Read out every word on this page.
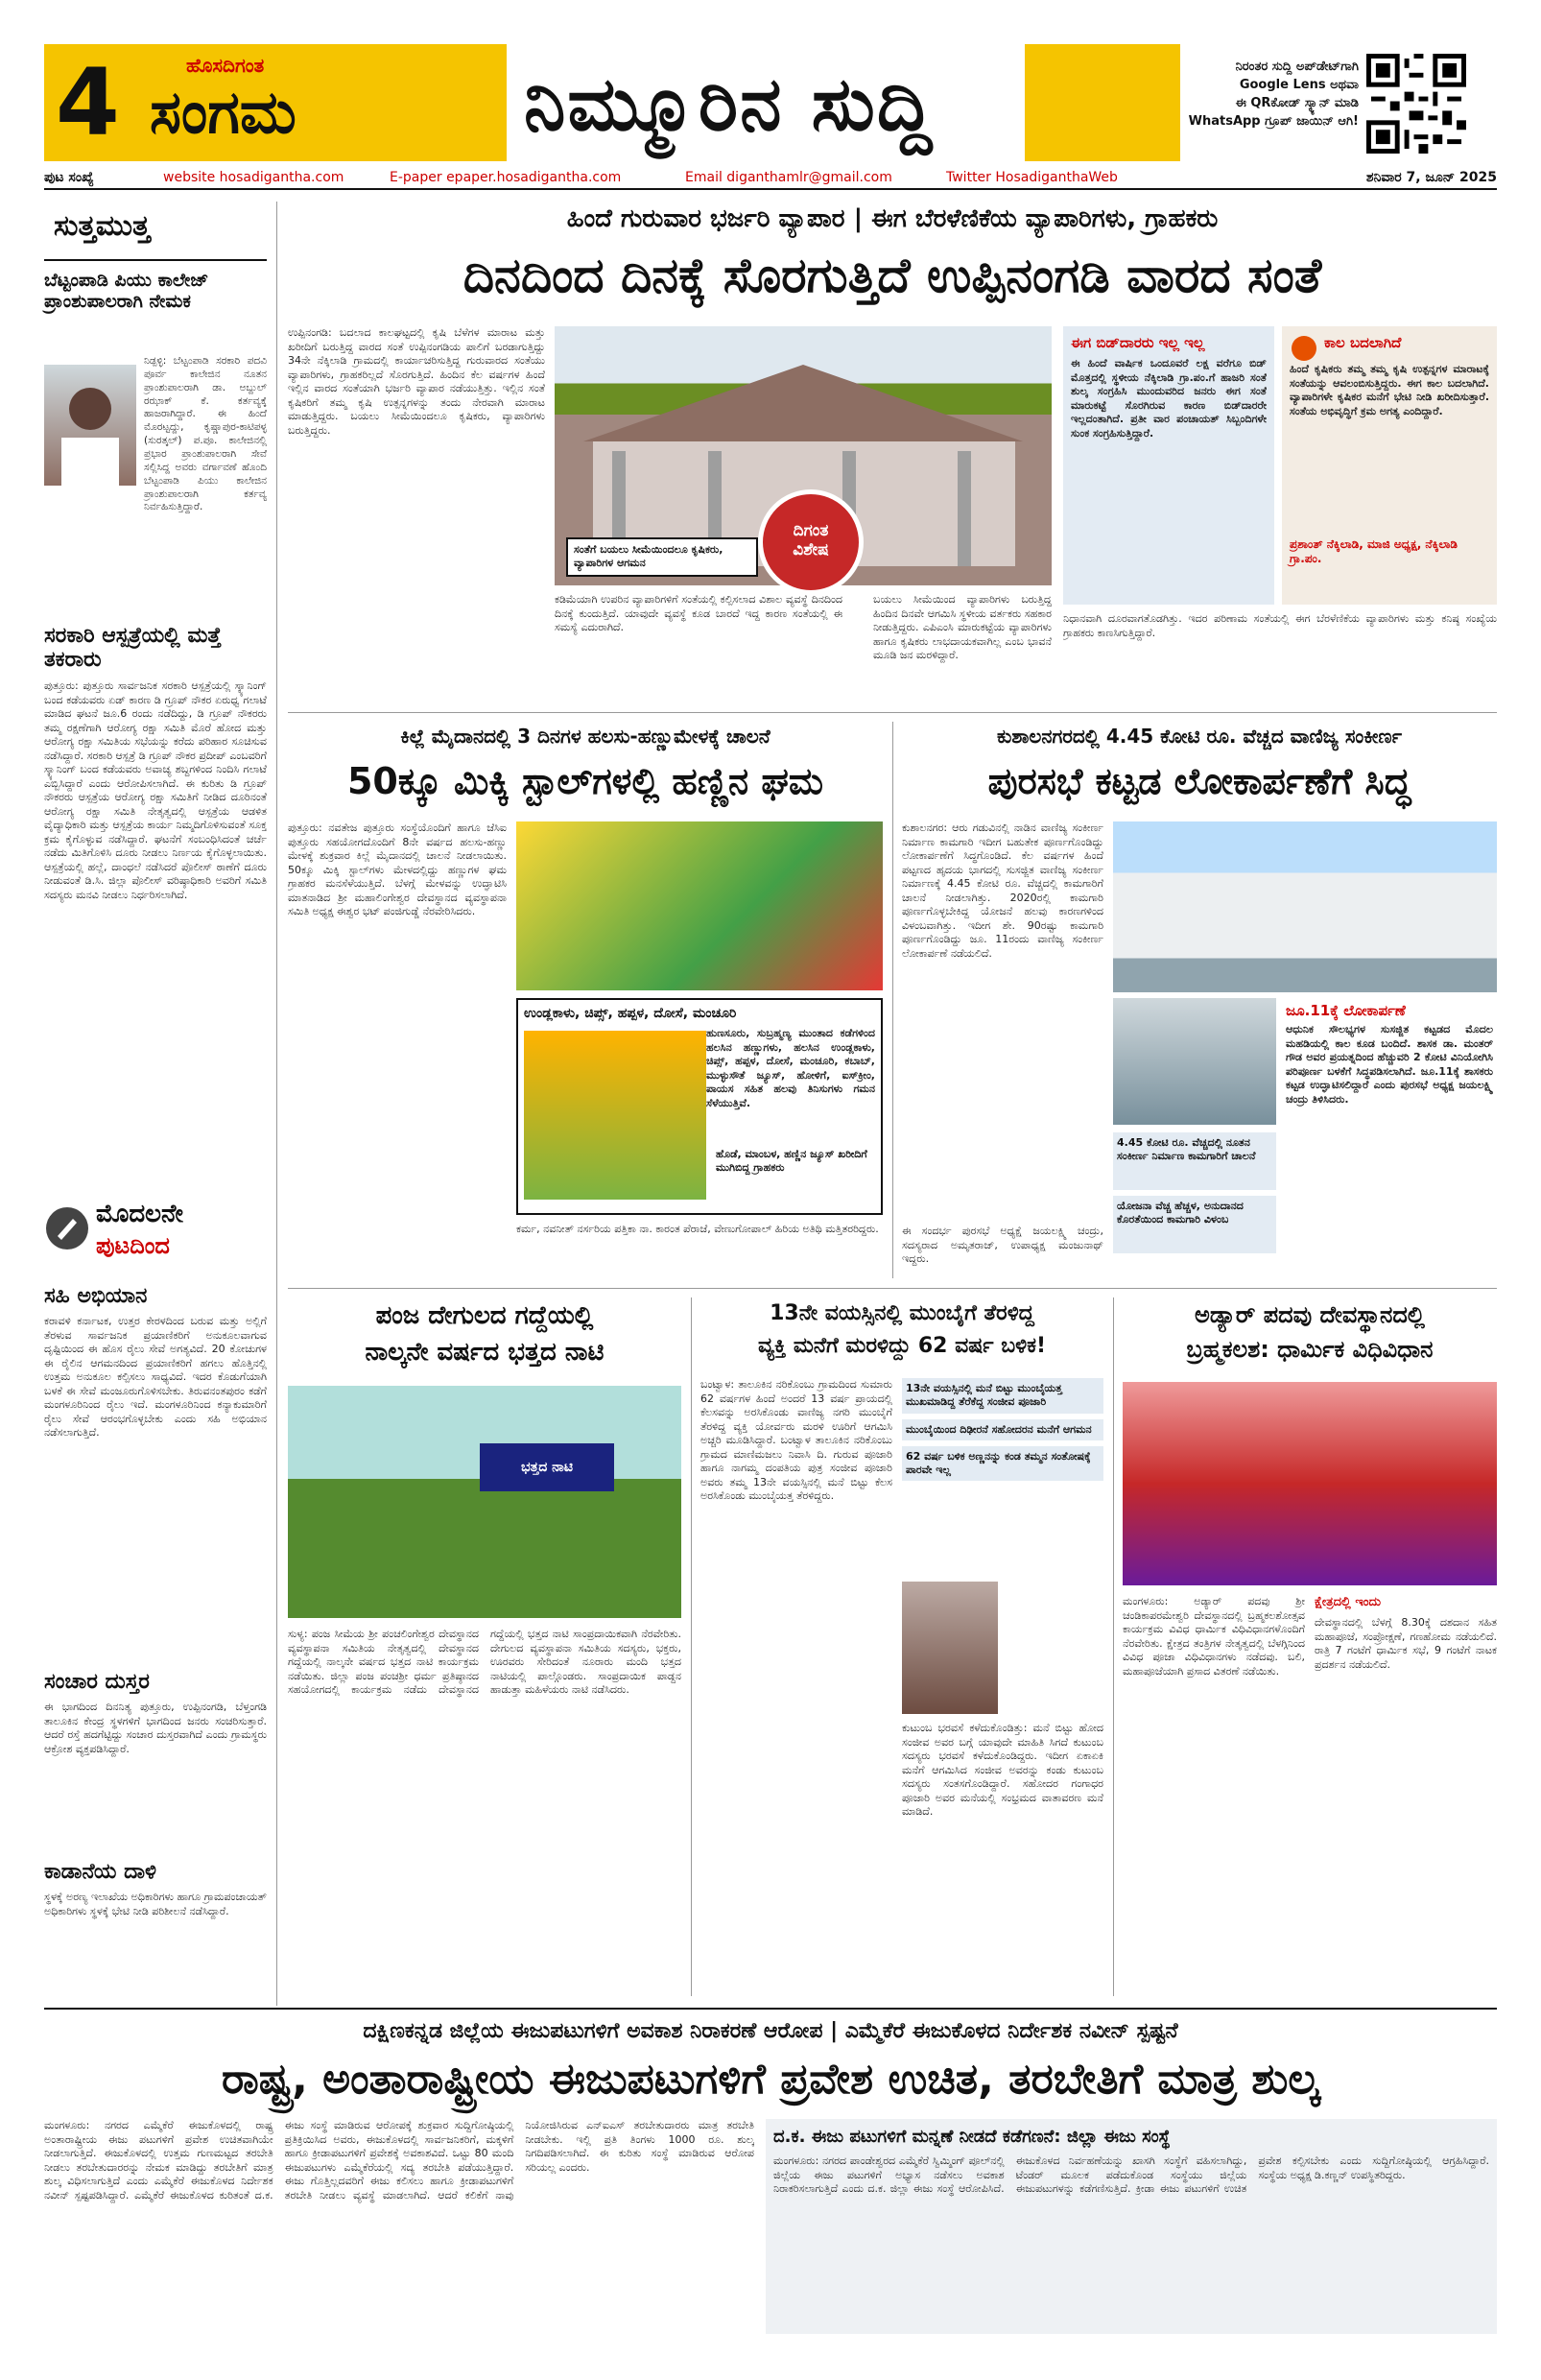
4	ಹೊಸದಿಗಂತ
ಸಂಗಮ	ನಿಮ್ಮೂರಿನ ಸುದ್ದಿ	ನಿರಂತರ ಸುದ್ದಿ ಅಪ್‌ಡೇಟ್‌ಗಾಗಿ
Google Lens ಅಥವಾ
ಈ QRಕೋಡ್ ಸ್ಕ್ಯಾನ್ ಮಾಡಿ
WhatsApp ಗ್ರೂಪ್ ಜಾಯಿನ್ ಆಗಿ!
ಪುಟ ಸಂಖ್ಯೆ	website hosadigantha.com	E-paper epaper.hosadigantha.com	Email diganthamlr@gmail.com	Twitter HosadiganthaWeb	ಶನಿವಾರ 7, ಜೂನ್ 2025
ಸುತ್ತಮುತ್ತ
ಬೆಟ್ಟಂಪಾಡಿ ಪಿಯು ಕಾಲೇಜ್ ಪ್ರಾಂಶುಪಾಲರಾಗಿ ನೇಮಕ
ನಿಡ್ಪಳ್ಳಿ: ಬೆಟ್ಟಂಪಾಡಿ ಸರಕಾರಿ ಪದವಿ ಪೂರ್ವ ಕಾಲೇಜಿನ ನೂತನ ಪ್ರಾಂಶುಪಾಲರಾಗಿ ಡಾ. ಅಬ್ದುಲ್ ರಝಾಕ್ ಕೆ. ಕರ್ತವ್ಯಕ್ಕೆ ಹಾಜರಾಗಿದ್ದಾರೆ. ಈ ಹಿಂದೆ ಮೊರಟ್ಟದ್ದು, ಕೃಷ್ಣಾಪುರ-ಕಾಟಿಪಳ್ಳ (ಸುರತ್ಕಲ್) ಪ.ಪೂ. ಕಾಲೇಜಿನಲ್ಲಿ ಪ್ರಭಾರ ಪ್ರಾಂಶುಪಾಲರಾಗಿ ಸೇವೆ ಸಲ್ಲಿಸಿದ್ದ ಅವರು ವರ್ಗಾವಣೆ ಹೊಂದಿ ಬೆಟ್ಟಂಪಾಡಿ ಪಿಯು ಕಾಲೇಜಿನ ಪ್ರಾಂಶುಪಾಲರಾಗಿ ಕರ್ತವ್ಯ ನಿರ್ವಹಿಸುತ್ತಿದ್ದಾರೆ.
ಸರಕಾರಿ ಆಸ್ಪತ್ರೆಯಲ್ಲಿ ಮತ್ತೆ ತಕರಾರು
ಪುತ್ತೂರು: ಪುತ್ತೂರು ಸಾರ್ವಜನಿಕ ಸರಕಾರಿ ಆಸ್ಪತ್ರೆಯಲ್ಲಿ ಸ್ಕ್ಯಾನಿಂಗ್ ಬಂದ ಕಡೆಯವರು ಏಡ್ ಕಾರಣ ಡಿ ಗ್ರೂಪ್ ನೌಕರ ಏರುಧ್ವ ಗಲಾಟೆ ಮಾಡಿದ ಘಟನೆ ಜೂ.6 ರಂದು ನಡೆದಿದ್ದು, ಡಿ ಗ್ರೂಪ್ ನೌಕರರು ತಮ್ಮ ರಕ್ಷಣೆಗಾಗಿ ಆರೋಗ್ಯ ರಕ್ಷಾ ಸಮಿತಿ ಮೊರೆ ಹೋದ ಮತ್ತು ಆರೋಗ್ಯ ರಕ್ಷಾ ಸಮಿತಿಯ ಸಭೆಯನ್ನು ಕರೆದು ಪರಿಹಾರ ಸೂಚಿಸುವ ನಡೆಸಿದ್ದಾರೆ. ಸರಕಾರಿ ಆಸ್ಪತ್ರೆ ಡಿ ಗ್ರೂಪ್ ನೌಕರ ಪ್ರದೀಪ್ ಎಂಬವರಿಗೆ ಸ್ಕ್ಯಾನಿಂಗ್ ಬಂದ ಕಡೆಯವರು ಅವಾಚ್ಯ ಶಬ್ದಗಳಿಂದ ನಿಂದಿಸಿ ಗಲಾಟೆ ಎಬ್ಬಿಸಿದ್ದಾರೆ ಎಂದು ಆರೋಪಿಸಲಾಗಿದೆ. ಈ ಕುರಿತು ಡಿ ಗ್ರೂಪ್ ನೌಕರರು ಆಸ್ಪತ್ರೆಯ ಆರೋಗ್ಯ ರಕ್ಷಾ ಸಮಿತಿಗೆ ನೀಡಿದ ದೂರಿನಂತೆ ಆರೋಗ್ಯ ರಕ್ಷಾ ಸಮಿತಿ ನೇತೃತ್ವದಲ್ಲಿ ಆಸ್ಪತ್ರೆಯ ಆಡಳಿತ ವೈದ್ಯಾಧಿಕಾರಿ ಮತ್ತು ಆಸ್ಪತ್ರೆಯ ಕಾರ್ಯ ನಿಮ್ಮದಿಗೊಳಿಸುವಂತೆ ಸೂಕ್ತ ಕ್ರಮ ಕೈಗೊಳ್ಳುವ ನಡೆಸಿದ್ದಾರೆ. ಘಟನೆಗೆ ಸಂಬಂಧಿಸಿದಂತೆ ಚರ್ಚೆ ನಡೆದು ಮಿತಿಗೊಳಿಸಿ ದೂರು ನೀಡಲು ನಿರ್ಣಯ ಕೈಗೊಳ್ಳಲಾಯಿತು. ಆಸ್ಪತ್ರೆಯಲ್ಲಿ ಹಲ್ಲೆ, ದಾಂಧಲೆ ನಡೆಸಿದರೆ ಪೊಲೀಸ್ ಠಾಣೆಗೆ ದೂರು ನೀಡುವಂತೆ ಡಿ.ಸಿ. ಜಿಲ್ಲಾ ಪೊಲೀಸ್ ವರಿಷ್ಠಾಧಿಕಾರಿ ಅವರಿಗೆ ಸಮಿತಿ ಸದಸ್ಯರು ಮನವಿ ನೀಡಲು ನಿರ್ಧರಿಸಲಾಗಿದೆ.
ಮೊದಲನೇ
ಪುಟದಿಂದ
ಸಹಿ ಅಭಿಯಾನ
ಕರಾವಳಿ ಕರ್ನಾಟಕ, ಉತ್ತರ ಕೇರಳದಿಂದ ಬರುವ ಮತ್ತು ಅಲ್ಲಿಗೆ ತೆರಳುವ ಸಾರ್ವಜನಿಕ ಪ್ರಯಾಣಿಕರಿಗೆ ಅನುಕೂಲವಾಗುವ ದೃಷ್ಟಿಯಿಂದ ಈ ಹೊಸ ರೈಲು ಸೇವೆ ಅಗತ್ಯವಿದೆ. 20 ಕೋಚುಗಳ ಈ ರೈಲಿನ ಆಗಮನದಿಂದ ಪ್ರಯಾಣಿಕರಿಗೆ ಹಗಲು ಹೊತ್ತಿನಲ್ಲಿ ಉತ್ತಮ ಅನುಕೂಲ ಕಲ್ಪಿಸಲು ಸಾಧ್ಯವಿದೆ. ಇದರ ಕೊಡುಗೆಯಾಗಿ ಬಳಕೆ ಈ ಸೇವೆ ಮಂಜೂರುಗೊಳಿಸಬೇಕು. ತಿರುವನಂತಪುರಂ ಕಡೆಗೆ ಮಂಗಳೂರಿನಿಂದ ರೈಲು ಇದೆ. ಮಂಗಳೂರಿನಿಂದ ಕನ್ಯಾಕುಮಾರಿಗೆ ರೈಲು ಸೇವೆ ಆರಂಭಗೊಳ್ಳಬೇಕು ಎಂದು ಸಹಿ ಅಭಿಯಾನ ನಡೆಸಲಾಗುತ್ತಿದೆ.
ಸಂಚಾರ ದುಸ್ತರ
ಈ ಭಾಗದಿಂದ ದಿನನಿತ್ಯ ಪುತ್ತೂರು, ಉಪ್ಪಿನಂಗಡಿ, ಬೆಳ್ತಂಗಡಿ ತಾಲೂಕಿನ ಕೇಂದ್ರ ಸ್ಥಳಗಳಿಗೆ ಭಾಗದಿಂದ ಜನರು ಸಂಚರಿಸುತ್ತಾರೆ. ಆದರೆ ರಸ್ತೆ ಹದಗೆಟ್ಟಿದ್ದು ಸಂಚಾರ ದುಸ್ತರವಾಗಿದೆ ಎಂದು ಗ್ರಾಮಸ್ಥರು ಆಕ್ರೋಶ ವ್ಯಕ್ತಪಡಿಸಿದ್ದಾರೆ.
ಕಾಡಾನೆಯ ದಾಳಿ
ಸ್ಥಳಕ್ಕೆ ಅರಣ್ಯ ಇಲಾಖೆಯ ಅಧಿಕಾರಿಗಳು ಹಾಗೂ ಗ್ರಾಮಪಂಚಾಯತ್ ಅಧಿಕಾರಿಗಳು ಸ್ಥಳಕ್ಕೆ ಭೇಟಿ ನೀಡಿ ಪರಿಶೀಲನೆ ನಡೆಸಿದ್ದಾರೆ.
ಹಿಂದೆ ಗುರುವಾರ ಭರ್ಜರಿ ವ್ಯಾಪಾರ | ಈಗ ಬೆರಳೆಣಿಕೆಯ ವ್ಯಾಪಾರಿಗಳು, ಗ್ರಾಹಕರು
ದಿನದಿಂದ ದಿನಕ್ಕೆ ಸೊರಗುತ್ತಿದೆ ಉಪ್ಪಿನಂಗಡಿ ವಾರದ ಸಂತೆ
ಉಪ್ಪಿನಂಗಡಿ: ಬದಲಾದ ಕಾಲಘಟ್ಟದಲ್ಲಿ ಕೃಷಿ ಬೆಳೆಗಳ ಮಾರಾಟ ಮತ್ತು ಖರೀದಿಗೆ ಬರುತ್ತಿದ್ದ ವಾರದ ಸಂತೆ ಉಪ್ಪಿನಂಗಡಿಯ ಪಾಲಿಗೆ ಬರಡಾಗುತ್ತಿದ್ದು 34ನೇ ನೆಕ್ಕಿಲಾಡಿ ಗ್ರಾಮದಲ್ಲಿ ಕಾರ್ಯಾಚರಿಸುತ್ತಿದ್ದ ಗುರುವಾರದ ಸಂತೆಯು ವ್ಯಾಪಾರಿಗಳು, ಗ್ರಾಹಕರಿಲ್ಲದೆ ಸೊರಗುತ್ತಿದೆ. ಹಿಂದಿನ ಕೆಲ ವರ್ಷಗಳ ಹಿಂದೆ ಇಲ್ಲಿನ ವಾರದ ಸಂತೆಯಾಗಿ ಭರ್ಜರಿ ವ್ಯಾಪಾರ ನಡೆಯುತ್ತಿತ್ತು. ಇಲ್ಲಿನ ಸಂತೆ ಕೃಷಿಕರಿಗೆ ತಮ್ಮ ಕೃಷಿ ಉತ್ಪನ್ನಗಳನ್ನು ತಂದು ನೇರವಾಗಿ ಮಾರಾಟ ಮಾಡುತ್ತಿದ್ದರು. ಬಯಲು ಸೀಮೆಯಿಂದಲೂ ಕೃಷಿಕರು, ವ್ಯಾಪಾರಿಗಳು ಬರುತ್ತಿದ್ದರು.
ಸಂತೆಗೆ ಬಯಲು ಸೀಮೆಯಿಂದಲೂ ಕೃಷಿಕರು, ವ್ಯಾಪಾರಿಗಳ ಆಗಮನ
ದಿಗಂತ
ವಿಶೇಷ
ಕಡಿಮೆಯಾಗಿ ಉಪರಿನ ವ್ಯಾಪಾರಿಗಳಿಗೆ ಸಂತೆಯಲ್ಲಿ ಕಲ್ಪಿಸಲಾದ ವಿಶಾಲ ವ್ಯವಸ್ಥೆ ದಿನದಿಂದ ದಿನಕ್ಕೆ ಕುಂದುತ್ತಿದೆ. ಯಾವುದೇ ವ್ಯವಸ್ಥೆ ಕೂಡ ಬಾರದೆ ಇದ್ದ ಕಾರಣ ಸಂತೆಯಲ್ಲಿ ಈ ಸಮಸ್ಯೆ ಎದುರಾಗಿದೆ.
ಬಯಲು ಸೀಮೆಯಿಂದ ವ್ಯಾಪಾರಿಗಳು ಬರುತ್ತಿದ್ದ ಹಿಂದಿನ ದಿನವೇ ಆಗಮಿಸಿ ಸ್ಥಳೀಯ ವರ್ತಕರು ಸಹಕಾರ ನೀಡುತ್ತಿದ್ದರು. ಎಪಿಎಂಸಿ ಮಾರುಕಟ್ಟೆಯ ವ್ಯಾಪಾರಿಗಳು ಹಾಗೂ ಕೃಷಿಕರು ಲಾಭದಾಯಕವಾಗಿಲ್ಲ ಎಂಬ ಭಾವನೆ ಮೂಡಿ ಜನ ಮರಳಿದ್ದಾರೆ.
ಈಗ ಬಿಡ್‌ದಾರರು ಇಲ್ಲ ಇಲ್ಲ
ಈ ಹಿಂದೆ ವಾರ್ಷಿಕ ಒಂದೂವರೆ ಲಕ್ಷ ವರೆಗೂ ಬಿಡ್ ಮೊತ್ತದಲ್ಲಿ ಸ್ಥಳೀಯ ನೆಕ್ಕಿಲಾಡಿ ಗ್ರಾ.ಪಂ.ಗೆ ಹಾಜರಿ ಸಂತೆ ಶುಲ್ಕ ಸಂಗ್ರಹಿಸಿ ಮುಂದುವರಿದ ಜನರು ಈಗ ಸಂತೆ ಮಾರುಕಟ್ಟೆ ಸೊರಗಿರುವ ಕಾರಣ ಬಿಡ್‌ದಾರರೇ ಇಲ್ಲದಂತಾಗಿದೆ. ಪ್ರತೀ ವಾರ ಪಂಚಾಯತ್ ಸಿಬ್ಬಂದಿಗಳೇ ಸುಂಕ ಸಂಗ್ರಹಿಸುತ್ತಿದ್ದಾರೆ.
ಕಾಲ ಬದಲಾಗಿದೆ
ಹಿಂದೆ ಕೃಷಿಕರು ತಮ್ಮ ತಮ್ಮ ಕೃಷಿ ಉತ್ಪನ್ನಗಳ ಮಾರಾಟಕ್ಕೆ ಸಂತೆಯನ್ನು ಆವಲಂಬಿಸುತ್ತಿದ್ದರು. ಈಗ ಕಾಲ ಬದಲಾಗಿದೆ. ವ್ಯಾಪಾರಿಗಳೇ ಕೃಷಿಕರ ಮನೆಗೆ ಭೇಟಿ ನೀಡಿ ಖರೀದಿಸುತ್ತಾರೆ. ಸಂತೆಯ ಅಭಿವೃದ್ಧಿಗೆ ಕ್ರಮ ಅಗತ್ಯ ಎಂದಿದ್ದಾರೆ.
ಪ್ರಶಾಂತ್ ನೆಕ್ಕಿಲಾಡಿ, ಮಾಜಿ ಅಧ್ಯಕ್ಷ, ನೆಕ್ಕಿಲಾಡಿ ಗ್ರಾ.ಪಂ.
ನಿಧಾನವಾಗಿ ದೂರವಾಗತೊಡಗಿತ್ತು. ಇದರ ಪರಿಣಾಮ ಸಂತೆಯಲ್ಲಿ ಈಗ ಬೆರಳೆಣಿಕೆಯ ವ್ಯಾಪಾರಿಗಳು ಮತ್ತು ಕನಿಷ್ಠ ಸಂಖ್ಯೆಯ ಗ್ರಾಹಕರು ಕಾಣಸಿಗುತ್ತಿದ್ದಾರೆ.
ಕಿಲ್ಲೆ ಮೈದಾನದಲ್ಲಿ 3 ದಿನಗಳ ಹಲಸು-ಹಣ್ಣುಮೇಳಕ್ಕೆ ಚಾಲನೆ
50ಕ್ಕೂ ಮಿಕ್ಕಿ ಸ್ಟಾಲ್‌ಗಳಲ್ಲಿ ಹಣ್ಣಿನ ಘಮ
ಪುತ್ತೂರು: ನವತೇಜ ಪುತ್ತೂರು ಸಂಸ್ಥೆಯೊಂದಿಗೆ ಹಾಗೂ ಜೆಸಿಐ ಪುತ್ತೂರು ಸಹಯೋಗದೊಂದಿಗೆ 8ನೇ ವರ್ಷದ ಹಲಸು-ಹಣ್ಣು ಮೇಳಕ್ಕೆ ಶುಕ್ರವಾರ ಕಿಲ್ಲೆ ಮೈದಾನದಲ್ಲಿ ಚಾಲನೆ ನೀಡಲಾಯಿತು. 50ಕ್ಕೂ ಮಿಕ್ಕಿ ಸ್ಟಾಲ್‌ಗಳು ಮೇಳದಲ್ಲಿದ್ದು ಹಣ್ಣುಗಳ ಘಮ ಗ್ರಾಹಕರ ಮನಸೆಳೆಯುತ್ತಿದೆ. ಬೆಳಗ್ಗೆ ಮೇಳವನ್ನು ಉದ್ಘಾಟಿಸಿ ಮಾತನಾಡಿದ ಶ್ರೀ ಮಹಾಲಿಂಗೇಶ್ವರ ದೇವಸ್ಥಾನದ ವ್ಯವಸ್ಥಾಪನಾ ಸಮಿತಿ ಅಧ್ಯಕ್ಷ ಈಶ್ವರ ಭಟ್ ಪಂಜಿಗುಡ್ಡೆ ನೆರವೇರಿಸಿದರು.
ಉಂಡ್ಲಕಾಳು, ಚಿಪ್ಸ್, ಹಪ್ಪಳ, ದೋಸೆ, ಮಂಚೂರಿ
ಹುಣಸೂರು, ಸುಬ್ರಹ್ಮಣ್ಯ ಮುಂತಾದ ಕಡೆಗಳಿಂದ ಹಲಸಿನ ಹಣ್ಣುಗಳು, ಹಲಸಿನ ಉಂಡ್ಲಕಾಳು, ಚಿಪ್ಸ್, ಹಪ್ಪಳ, ದೋಸೆ, ಮಂಚೂರಿ, ಕಬಾಬ್, ಮುಳ್ಳುಸೌತೆ ಜ್ಯೂಸ್, ಹೋಳಿಗೆ, ಐಸ್‌ಕ್ರೀಂ, ಪಾಯಸ ಸಹಿತ ಹಲವು ತಿನಿಸುಗಳು ಗಮನ ಸೆಳೆಯುತ್ತಿವೆ.
ಹೊಡೆ, ಮಾಂಬಳ, ಹಣ್ಣಿನ ಜ್ಯೂಸ್ ಖರೀದಿಗೆ ಮುಗಿಬಿದ್ದ ಗ್ರಾಹಕರು
ಕರ್ಮ, ನವನೀತ್ ನರ್ಸರಿಯ ಪತ್ತಿಕಾ ನಾ. ಕಾರಂತ ಪೆರಾಜೆ, ವೇಣುಗೋಪಾಲ್ ಹಿರಿಯ ಅತಿಥಿ ಮತ್ತಿತರರಿದ್ದರು.
ಕುಶಾಲನಗರದಲ್ಲಿ 4.45 ಕೋಟಿ ರೂ. ವೆಚ್ಚದ ವಾಣಿಜ್ಯ ಸಂಕೀರ್ಣ
ಪುರಸಭೆ ಕಟ್ಟಡ ಲೋಕಾರ್ಪಣೆಗೆ ಸಿದ್ಧ
ಕುಶಾಲನಗರ: ಆರು ಗಡುವಿನಲ್ಲಿ ನಾಡಿನ ವಾಣಿಜ್ಯ ಸಂಕೀರ್ಣ ನಿರ್ಮಾಣ ಕಾಮಗಾರಿ ಇದೀಗ ಬಹುತೇಕ ಪೂರ್ಣಗೊಂಡಿದ್ದು ಲೋಕಾರ್ಪಣೆಗೆ ಸಿದ್ಧಗೊಂಡಿದೆ. ಕೆಲ ವರ್ಷಗಳ ಹಿಂದೆ ಪಟ್ಟಣದ ಹೃದಯ ಭಾಗದಲ್ಲಿ ಸುಸಜ್ಜಿತ ವಾಣಿಜ್ಯ ಸಂಕೀರ್ಣ ನಿರ್ಮಾಣಕ್ಕೆ 4.45 ಕೋಟಿ ರೂ. ವೆಚ್ಚದಲ್ಲಿ ಕಾಮಗಾರಿಗೆ ಚಾಲನೆ ನೀಡಲಾಗಿತ್ತು. 2020ರಲ್ಲಿ ಕಾಮಗಾರಿ ಪೂರ್ಣಗೊಳ್ಳಬೇಕಿದ್ದ ಯೋಜನೆ ಹಲವು ಕಾರಣಗಳಿಂದ ವಿಳಂಬವಾಗಿತ್ತು. ಇದೀಗ ಶೇ. 90ರಷ್ಟು ಕಾಮಗಾರಿ ಪೂರ್ಣಗೊಂಡಿದ್ದು ಜೂ. 11ರಂದು ವಾಣಿಜ್ಯ ಸಂಕೀರ್ಣ ಲೋಕಾರ್ಪಣೆ ನಡೆಯಲಿದೆ.
ಜೂ.11ಕ್ಕೆ ಲೋಕಾರ್ಪಣೆ
ಆಧುನಿಕ ಸೌಲಭ್ಯಗಳ ಸುಸಜ್ಜಿತ ಕಟ್ಟಡದ ಮೊದಲ ಮಹಡಿಯಲ್ಲಿ ಕಾಲ ಕೂಡ ಬಂದಿದೆ. ಶಾಸಕ ಡಾ. ಮಂತರ್ ಗೌಡ ಅವರ ಪ್ರಯತ್ನದಿಂದ ಹೆಚ್ಚುವರಿ 2 ಕೋಟಿ ವಿನಿಯೋಗಿಸಿ ಪರಿಪೂರ್ಣ ಬಳಕೆಗೆ ಸಿದ್ಧಪಡಿಸಲಾಗಿದೆ. ಜೂ.11ಕ್ಕೆ ಶಾಸಕರು ಕಟ್ಟಡ ಉದ್ಘಾಟಿಸಲಿದ್ದಾರೆ ಎಂದು ಪುರಸಭೆ ಅಧ್ಯಕ್ಷ ಜಯಲಕ್ಷ್ಮಿ ಚಂದ್ರು ತಿಳಿಸಿದರು.
4.45 ಕೋಟಿ ರೂ. ವೆಚ್ಚದಲ್ಲಿ ನೂತನ ಸಂಕೀರ್ಣ ನಿರ್ಮಾಣ ಕಾಮಗಾರಿಗೆ ಚಾಲನೆ
ಯೋಜನಾ ವೆಚ್ಚ ಹೆಚ್ಚಳ, ಅನುದಾನದ ಕೊರತೆಯಿಂದ ಕಾಮಗಾರಿ ವಿಳಂಬ
ಈ ಸಂದರ್ಭ ಪುರಸಭೆ ಅಧ್ಯಕ್ಷೆ ಜಯಲಕ್ಷ್ಮಿ ಚಂದ್ರು, ಸದಸ್ಯರಾದ ಅಮೃತರಾಜ್, ಉಪಾಧ್ಯಕ್ಷ ಮಂಜುನಾಥ್ ಇದ್ದರು.
ಪಂಜ ದೇಗುಲದ ಗದ್ದೆಯಲ್ಲಿ
ನಾಲ್ಕನೇ ವರ್ಷದ ಭತ್ತದ ನಾಟಿ
ಭತ್ತದ ನಾಟಿ
ಸುಳ್ಯ: ಪಂಜ ಸೀಮೆಯ ಶ್ರೀ ಪಂಚಲಿಂಗೇಶ್ವರ ದೇವಸ್ಥಾನದ ವ್ಯವಸ್ಥಾಪನಾ ಸಮಿತಿಯ ನೇತೃತ್ವದಲ್ಲಿ ದೇವಸ್ಥಾನದ ಗದ್ದೆಯಲ್ಲಿ ನಾಲ್ಕನೇ ವರ್ಷದ ಭತ್ತದ ನಾಟಿ ಕಾರ್ಯಕ್ರಮ ನಡೆಯಿತು. ಜಿಲ್ಲಾ ಪಂಜ ಪಂಚಶ್ರೀ ಧರ್ಮ ಪ್ರತಿಷ್ಠಾನದ ಸಹಯೋಗದಲ್ಲಿ ಕಾರ್ಯಕ್ರಮ ನಡೆದು ದೇವಸ್ಥಾನದ ಗದ್ದೆಯಲ್ಲಿ ಭತ್ತದ ನಾಟಿ ಸಾಂಪ್ರದಾಯಿಕವಾಗಿ ನೆರವೇರಿತು. ದೇಗುಲದ ವ್ಯವಸ್ಥಾಪನಾ ಸಮಿತಿಯ ಸದಸ್ಯರು, ಭಕ್ತರು, ಊರವರು ಸೇರಿದಂತೆ ನೂರಾರು ಮಂದಿ ಭತ್ತದ ನಾಟಿಯಲ್ಲಿ ಪಾಲ್ಗೊಂಡರು. ಸಾಂಪ್ರದಾಯಿಕ ಪಾಡ್ದನ ಹಾಡುತ್ತಾ ಮಹಿಳೆಯರು ನಾಟಿ ನಡೆಸಿದರು.
13ನೇ ವಯಸ್ಸಿನಲ್ಲಿ ಮುಂಬೈಗೆ ತೆರಳಿದ್ದ
ವ್ಯಕ್ತಿ ಮನೆಗೆ ಮರಳಿದ್ದು 62 ವರ್ಷ ಬಳಿಕ!
ಬಂಟ್ವಾಳ: ತಾಲೂಕಿನ ನರಿಕೊಂಬು ಗ್ರಾಮದಿಂದ ಸುಮಾರು 62 ವರ್ಷಗಳ ಹಿಂದೆ ಅಂದರೆ 13 ವರ್ಷ ಪ್ರಾಯದಲ್ಲಿ ಕೆಲಸವನ್ನು ಅರಸಿಕೊಂಡು ವಾಣಿಜ್ಯ ನಗರಿ ಮುಂಬೈಗೆ ತೆರಳಿದ್ದ ವ್ಯಕ್ತಿ ಯೋರ್ವರು ಮರಳಿ ಊರಿಗೆ ಆಗಮಿಸಿ ಅಚ್ಚರಿ ಮೂಡಿಸಿದ್ದಾರೆ. ಬಂಟ್ವಾಳ ತಾಲೂಕಿನ ನರಿಕೊಂಬು ಗ್ರಾಮದ ಮಾಣಿಮಜಲು ನಿವಾಸಿ ದಿ. ಗುರುವ ಪೂಜಾರಿ ಹಾಗೂ ನಾಗಮ್ಮ ದಂಪತಿಯ ಪುತ್ರ ಸಂಜೀವ ಪೂಜಾರಿ ಅವರು ತಮ್ಮ 13ನೇ ವಯಸ್ಸಿನಲ್ಲಿ ಮನೆ ಬಿಟ್ಟು ಕೆಲಸ ಅರಸಿಕೊಂಡು ಮುಂಬೈಯತ್ತ ತೆರಳಿದ್ದರು.
13ನೇ ವಯಸ್ಸಿನಲ್ಲಿ ಮನೆ ಬಿಟ್ಟು ಮುಂಬೈಯತ್ತ ಮುಖಮಾಡಿದ್ದ ತೆರೆಕೆದ್ದ ಸಂಜೀವ ಪೂಜಾರಿ
ಮುಂಬೈಯಿಂದ ದಿಢೀರನೆ ಸಹೋದರನ ಮನೆಗೆ ಆಗಮನ
62 ವರ್ಷ ಬಳಿಕ ಅಣ್ಣನನ್ನು ಕಂಡ ತಮ್ಮನ ಸಂತೋಷಕ್ಕೆ ಪಾರವೇ ಇಲ್ಲ
ಕುಟುಂಬ ಭರವಸೆ ಕಳೆದುಕೊಂಡಿತ್ತು: ಮನೆ ಬಿಟ್ಟು ಹೋದ ಸಂಜೀವ ಅವರ ಬಗ್ಗೆ ಯಾವುದೇ ಮಾಹಿತಿ ಸಿಗದೆ ಕುಟುಂಬ ಸದಸ್ಯರು ಭರವಸೆ ಕಳೆದುಕೊಂಡಿದ್ದರು. ಇದೀಗ ಏಕಾಏಕಿ ಮನೆಗೆ ಆಗಮಿಸಿದ ಸಂಜೀವ ಅವರನ್ನು ಕಂಡು ಕುಟುಂಬ ಸದಸ್ಯರು ಸಂತಸಗೊಂಡಿದ್ದಾರೆ. ಸಹೋದರ ಗಂಗಾಧರ ಪೂಜಾರಿ ಅವರ ಮನೆಯಲ್ಲಿ ಸಂಭ್ರಮದ ವಾತಾವರಣ ಮನೆ ಮಾಡಿದೆ.
ಅಡ್ಯಾರ್ ಪದವು ದೇವಸ್ಥಾನದಲ್ಲಿ
ಬ್ರಹ್ಮಕಲಶ: ಧಾರ್ಮಿಕ ವಿಧಿವಿಧಾನ
ಮಂಗಳೂರು: ಅಡ್ಯಾರ್ ಪದವು ಶ್ರೀ ಚಂಡಿಕಾಪರಮೇಶ್ವರಿ ದೇವಸ್ಥಾನದಲ್ಲಿ ಬ್ರಹ್ಮಕಲಶೋತ್ಸವ ಕಾರ್ಯಕ್ರಮ ವಿವಿಧ ಧಾರ್ಮಿಕ ವಿಧಿವಿಧಾನಗಳೊಂದಿಗೆ ನೆರವೇರಿತು. ಕ್ಷೇತ್ರದ ತಂತ್ರಿಗಳ ನೇತೃತ್ವದಲ್ಲಿ ಬೆಳಗ್ಗಿನಿಂದ ವಿವಿಧ ಪೂಜಾ ವಿಧಿವಿಧಾನಗಳು ನಡೆದವು. ಬಲಿ, ಮಹಾಪೂಜೆಯಾಗಿ ಪ್ರಸಾದ ವಿತರಣೆ ನಡೆಯಿತು.
ಕ್ಷೇತ್ರದಲ್ಲಿ ಇಂದು
ದೇವಸ್ಥಾನದಲ್ಲಿ ಬೆಳಗ್ಗೆ 8.30ಕ್ಕೆ ದಶದಾನ ಸಹಿತ ಮಹಾಪೂಜೆ, ಸಂಪ್ರೋಕ್ಷಣೆ, ಗಣಹೋಮ ನಡೆಯಲಿದೆ. ರಾತ್ರಿ 7 ಗಂಟೆಗೆ ಧಾರ್ಮಿಕ ಸಭೆ, 9 ಗಂಟೆಗೆ ನಾಟಕ ಪ್ರದರ್ಶನ ನಡೆಯಲಿದೆ.
ದಕ್ಷಿಣಕನ್ನಡ ಜಿಲ್ಲೆಯ ಈಜುಪಟುಗಳಿಗೆ ಅವಕಾಶ ನಿರಾಕರಣೆ ಆರೋಪ | ಎಮ್ಮೆಕೆರೆ ಈಜುಕೊಳದ ನಿರ್ದೇಶಕ ನವೀನ್ ಸ್ಪಷ್ಟನೆ
ರಾಷ್ಟ್ರ, ಅಂತಾರಾಷ್ಟ್ರೀಯ ಈಜುಪಟುಗಳಿಗೆ ಪ್ರವೇಶ ಉಚಿತ, ತರಬೇತಿಗೆ ಮಾತ್ರ ಶುಲ್ಕ
ಮಂಗಳೂರು: ನಗರದ ಎಮ್ಮೆಕೆರೆ ಈಜುಕೊಳದಲ್ಲಿ ರಾಷ್ಟ್ರ ಅಂತಾರಾಷ್ಟ್ರೀಯ ಈಜು ಪಟುಗಳಿಗೆ ಪ್ರವೇಶ ಉಚಿತವಾಗಿಯೇ ನೀಡಲಾಗುತ್ತಿದೆ. ಈಜುಕೊಳದಲ್ಲಿ ಉತ್ತಮ ಗುಣಮಟ್ಟದ ತರಬೇತಿ ನೀಡಲು ತರಬೇತುದಾರರನ್ನು ನೇಮಕ ಮಾಡಿದ್ದು ತರಬೇತಿಗೆ ಮಾತ್ರ ಶುಲ್ಕ ವಿಧಿಸಲಾಗುತ್ತಿದೆ ಎಂದು ಎಮ್ಮೆಕೆರೆ ಈಜುಕೊಳದ ನಿರ್ದೇಶಕ ನವೀನ್ ಸ್ಪಷ್ಟಪಡಿಸಿದ್ದಾರೆ. ಎಮ್ಮೆಕೆರೆ ಈಜುಕೊಳದ ಕುರಿತಂತೆ ದ.ಕ. ಈಜು ಸಂಸ್ಥೆ ಮಾಡಿರುವ ಆರೋಪಕ್ಕೆ ಶುಕ್ರವಾರ ಸುದ್ದಿಗೋಷ್ಠಿಯಲ್ಲಿ ಪ್ರತಿಕ್ರಿಯಿಸಿದ ಅವರು, ಈಜುಕೊಳದಲ್ಲಿ ಸಾರ್ವಜನಿಕರಿಗೆ, ಮಕ್ಕಳಿಗೆ ಹಾಗೂ ಕ್ರೀಡಾಪಟುಗಳಿಗೆ ಪ್ರವೇಶಕ್ಕೆ ಅವಕಾಶವಿದೆ. ಒಟ್ಟು 80 ಮಂದಿ ಈಜುಪಟುಗಳು ಎಮ್ಮೆಕೆರೆಯಲ್ಲಿ ಸದ್ಯ ತರಬೇತಿ ಪಡೆಯುತ್ತಿದ್ದಾರೆ. ಈಜು ಗೊತ್ತಿಲ್ಲದವರಿಗೆ ಈಜು ಕಲಿಸಲು ಹಾಗೂ ಕ್ರೀಡಾಪಟುಗಳಿಗೆ ತರಬೇತಿ ನೀಡಲು ವ್ಯವಸ್ಥೆ ಮಾಡಲಾಗಿದೆ. ಆದರೆ ಕಲಿಕೆಗೆ ನಾವು ನಿಯೋಜಿಸಿರುವ ಎನ್‌ಐಎಸ್ ತರಬೇತುದಾರರು ಮಾತ್ರ ತರಬೇತಿ ನೀಡಬೇಕು. ಇಲ್ಲಿ ಪ್ರತಿ ತಿಂಗಳು 1000 ರೂ. ಶುಲ್ಕ ನಿಗದಿಪಡಿಸಲಾಗಿದೆ. ಈ ಕುರಿತು ಸಂಸ್ಥೆ ಮಾಡಿರುವ ಆರೋಪ ಸರಿಯಲ್ಲ ಎಂದರು.
ದ.ಕ. ಈಜು ಪಟುಗಳಿಗೆ ಮನ್ನಣೆ ನೀಡದೆ ಕಡೆಗಣನೆ: ಜಿಲ್ಲಾ ಈಜು ಸಂಸ್ಥೆ
ಮಂಗಳೂರು: ನಗರದ ಪಾಂಡೇಶ್ವರದ ಎಮ್ಮೆಕೆರೆ ಸ್ವಿಮ್ಮಿಂಗ್ ಪೂಲ್‌ನಲ್ಲಿ ಜಿಲ್ಲೆಯ ಈಜು ಪಟುಗಳಿಗೆ ಅಭ್ಯಾಸ ನಡೆಸಲು ಅವಕಾಶ ನಿರಾಕರಿಸಲಾಗುತ್ತಿದೆ ಎಂದು ದ.ಕ. ಜಿಲ್ಲಾ ಈಜು ಸಂಸ್ಥೆ ಆರೋಪಿಸಿದೆ. ಈಜುಕೊಳದ ನಿರ್ವಹಣೆಯನ್ನು ಖಾಸಗಿ ಸಂಸ್ಥೆಗೆ ವಹಿಸಲಾಗಿದ್ದು, ಟೆಂಡರ್ ಮೂಲಕ ಪಡೆದುಕೊಂಡ ಸಂಸ್ಥೆಯು ಜಿಲ್ಲೆಯ ಈಜುಪಟುಗಳನ್ನು ಕಡೆಗಣಿಸುತ್ತಿದೆ. ಕ್ರೀಡಾ ಈಜು ಪಟುಗಳಿಗೆ ಉಚಿತ ಪ್ರವೇಶ ಕಲ್ಪಿಸಬೇಕು ಎಂದು ಸುದ್ದಿಗೋಷ್ಠಿಯಲ್ಲಿ ಆಗ್ರಹಿಸಿದ್ದಾರೆ. ಸಂಸ್ಥೆಯ ಅಧ್ಯಕ್ಷ ಡಿ.ಕಣ್ಣನ್ ಉಪಸ್ಥಿತರಿದ್ದರು.
